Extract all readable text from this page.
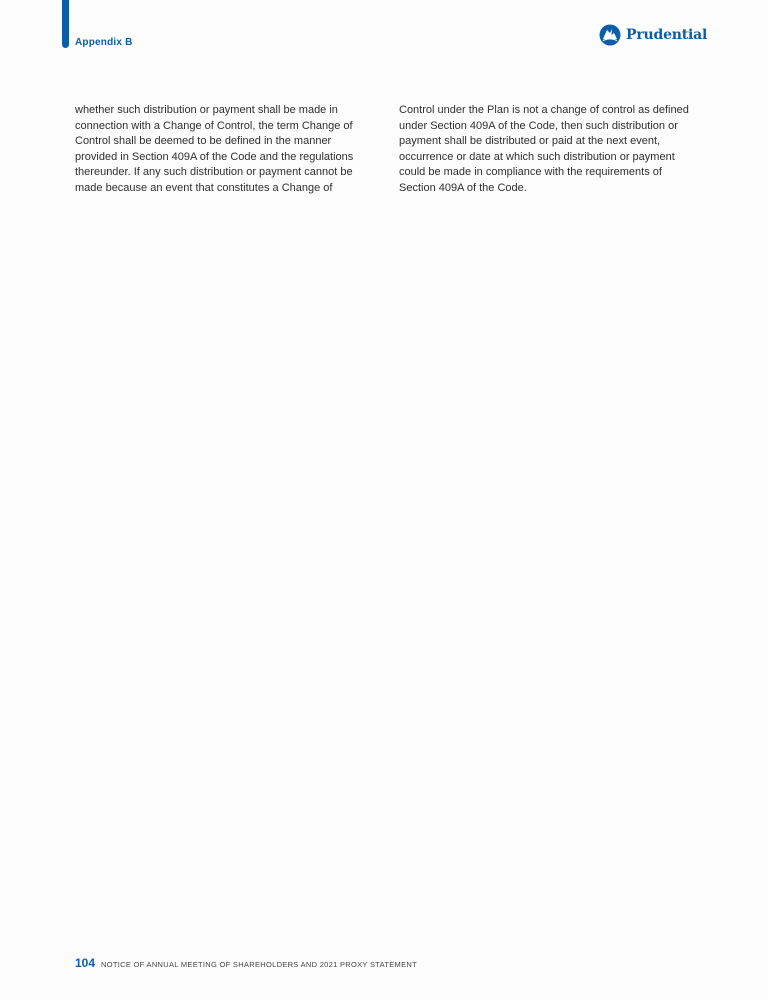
Appendix B	Prudential
whether such distribution or payment shall be made in
connection with a Change of Control, the term Change of
Control shall be deemed to be defined in the manner
provided in Section 409A of the Code and the regulations
thereunder. If any such distribution or payment cannot be
made because an event that constitutes a Change of
Control under the Plan is not a change of control as defined
under Section 409A of the Code, then such distribution or
payment shall be distributed or paid at the next event,
occurrence or date at which such distribution or payment
could be made in compliance with the requirements of
Section 409A of the Code.
104 NOTICE OF ANNUAL MEETING OF SHAREHOLDERS AND 2021 PROXY STATEMENT
